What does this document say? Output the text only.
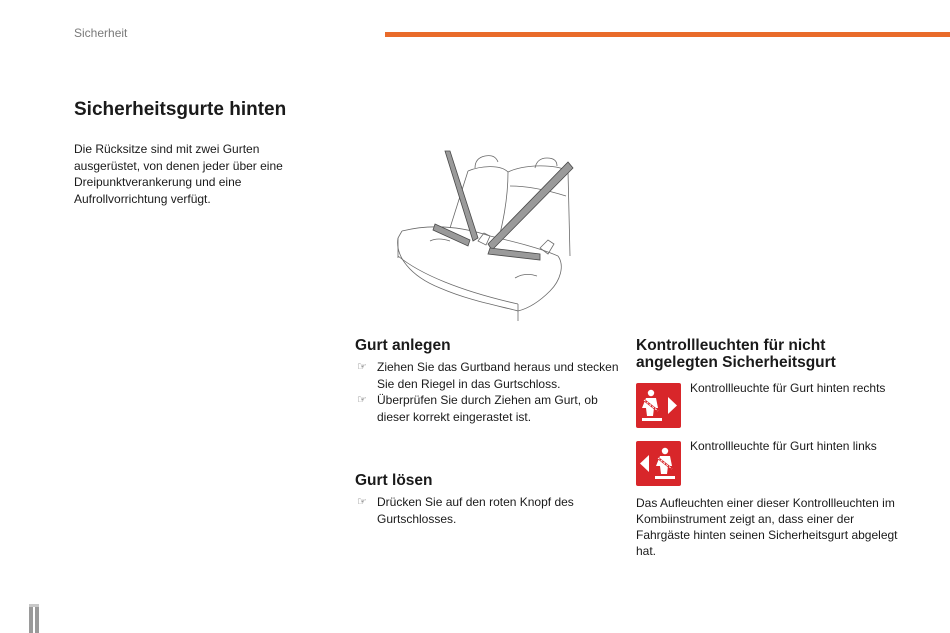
Sicherheit
Sicherheitsgurte hinten
Die Rücksitze sind mit zwei Gurten ausgerüstet, von denen jeder über eine Dreipunktverankerung und eine Aufrollvorrichtung verfügt.
Gurt anlegen
☞ Ziehen Sie das Gurtband heraus und stecken Sie den Riegel in das Gurtschloss.
☞ Überprüfen Sie durch Ziehen am Gurt, ob dieser korrekt eingerastet ist.
Gurt lösen
☞ Drücken Sie auf den roten Knopf des Gurtschlosses.
Kontrollleuchten für nicht
angelegten Sicherheitsgurt
Kontrollleuchte für Gurt hinten rechts
Kontrollleuchte für Gurt hinten links
Das Aufleuchten einer dieser Kontrollleuchten im Kombiinstrument zeigt an, dass einer der Fahrgäste hinten seinen Sicherheitsgurt abgelegt hat.
